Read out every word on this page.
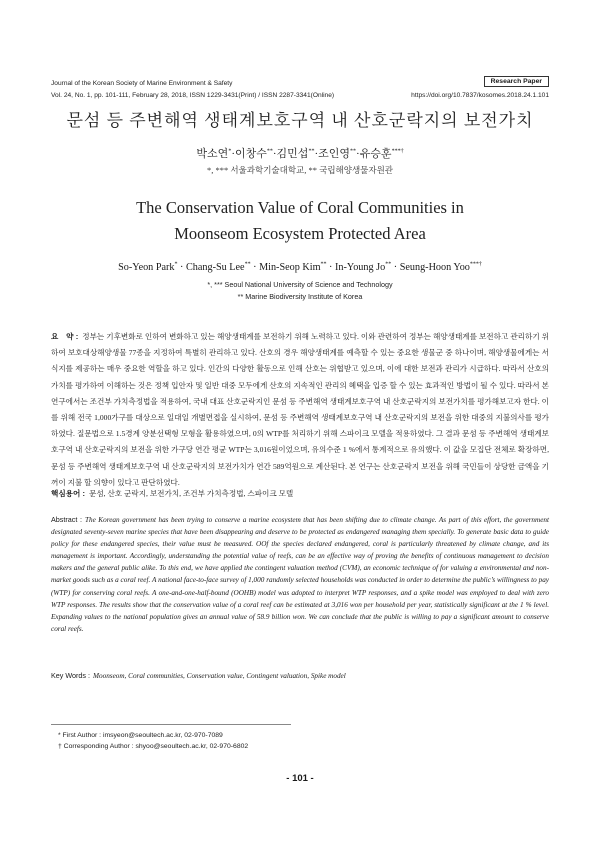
Journal of the Korean Society of Marine Environment & Safety
Vol. 24, No. 1, pp. 101-111, February 28, 2018, ISSN 1229-3431(Print) / ISSN 2287-3341(Online)
Research Paper
https://doi.org/10.7837/kosomes.2018.24.1.101
문섬 등 주변해역 생태계보호구역 내 산호군락지의 보전가치
박소연*·이창수**·김민섭**·조인영**·유승훈***†
*, *** 서울과학기술대학교, ** 국립해양생물자원관
The Conservation Value of Coral Communities in
Moonseom Ecosystem Protected Area
So-Yeon Park* · Chang-Su Lee** · Min-Seop Kim** · In-Young Jo** · Seung-Hoon Yoo***†
*, *** Seoul National University of Science and Technology
** Marine Biodiversity Institute of Korea
요　약 : 정부는 기후변화로 인하여 변화하고 있는 해양생태계를 보전하기 위해 노력하고 있다. 이와 관련하여 정부는 해양생태계를 보전하고 관리하기 위하여 보호대상해양생물 77종을 지정하여 특별히 관리하고 있다. 산호의 경우 해양생태계를 예측할 수 있는 중요한 생물군 중 하나이며, 해양생물에게는 서식지를 제공하는 매우 중요한 역할을 하고 있다. 인간의 다양한 활동으로 인해 산호는 위협받고 있으며, 이에 대한 보전과 관리가 시급하다. 따라서 산호의 가치를 평가하여 이해하는 것은 정책 입안자 및 일반 대중 모두에게 산호의 지속적인 관리의 혜택을 입증 할 수 있는 효과적인 방법이 될 수 있다. 따라서 본 연구에서는 조건부 가치측정법을 적용하여, 국내 대표 산호군락지인 문섬 등 주변해역 생태계보호구역 내 산호군락지의 보전가치를 평가해보고자 한다. 이를 위해 전국 1,000가구를 대상으로 일대일 개별면접을 실시하여, 문섬 등 주변해역 생태계보호구역 내 산호군락지의 보전을 위한 대중의 지불의사를 평가하였다. 질문법으로 1.5경계 양분선택형 모형을 활용하였으며, 0의 WTP를 처리하기 위해 스파이크 모델을 적용하였다. 그 결과 문섬 등 주변해역 생태계보호구역 내 산호군락지의 보전을 위한 가구당 연간 평균 WTP는 3,016원이었으며, 유의수준 1 %에서 통계적으로 유의했다. 이 값을 모집단 전체로 확장하면, 문섬 등 주변해역 생태계보호구역 내 산호군락지의 보전가치가 연간 589억원으로 계산된다. 본 연구는 산호군락지 보전을 위해 국민들이 상당한 금액을 기꺼이 지불 할 의향이 있다고 판단하였다.
핵심용어 : 문섬, 산호 군락지, 보전가치, 조건부 가치측정법, 스파이크 모델
Abstract : The Korean government has been trying to conserve a marine ecosystem that has been shifting due to climate change. As part of this effort, the government designated seventy-seven marine species that have been disappearing and deserve to be protected as endangered managing them specially. To generate basic data to guide policy for these endangered species, their value must be measured. OOf the species declared endangered, coral is particularly threatened by climate change, and its management is important. Accordingly, understanding the potential value of reefs, can be an effective way of proving the benefits of continuous management to decision makers and the general public alike. To this end, we have applied the contingent valuation method (CVM), an economic technique of for valuing a environmental and non-market goods such as a coral reef. A national face-to-face survey of 1,000 randomly selected households was conducted in order to determine the public’s willingness to pay (WTP) for conserving coral reefs. A one-and-one-half-bound (OOHB) model was adopted to interpret WTP responses, and a spike model was employed to deal with zero WTP responses. The results show that the conservation value of a coral reef can be estimated at 3,016 won per household per year, statistically significant at the 1 % level. Expanding values to the national population gives an annual value of 58.9 billion won. We can conclude that the public is willing to pay a significant amount to conserve coral reefs.
Key Words : Moonseom, Coral communities, Conservation value, Contingent valuation, Spike model
* First Author : imsyeon@seoultech.ac.kr, 02-970-7089
† Corresponding Author : shyoo@seoultech.ac.kr, 02-970-6802
- 101 -
